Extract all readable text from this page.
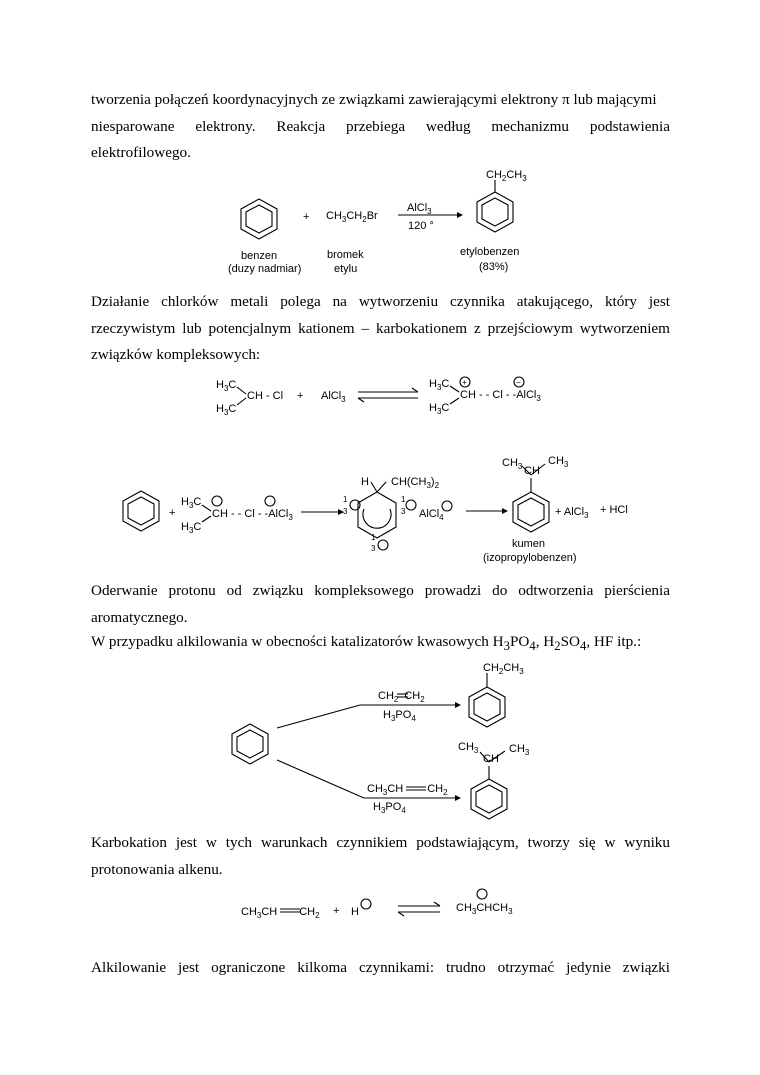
tworzenia połączeń koordynacyjnych ze związkami zawierającymi elektrony π lub mającymi
niesparowane elektrony. Reakcja przebiega według mechanizmu podstawienia
elektrofilowego.
+ $CH_3CH_2Br$
AlCl$_3$
120 °
$CH_2CH_3$
benzen
(duzy nadmiar)
bromek
etylu
etylobenzen
(83%)
Działanie chlorków metali polega na wytworzeniu czynnika atakującego, który jest
rzeczywistym lub potencjalnym kationem – karbokationem z przejściowym wytworzeniem
związków kompleksowych:
$H_3C$
$H_3C$
CH - Cl + AlCl$_3$
$H_3C$
$H_3C$
CH - - Cl - -AlCl$_3$
+	−
+
$H_3C$
$H_3C$
CH - - Cl - -AlCl$_3$
H $CH(CH_3)_2$
1
3
1
3
1
3
AlCl$_4$
$CH_3$ CH
$CH_3$
+ AlCl$_3$ + HCl
kumen
(izopropylobenzen)
Oderwanie protonu od związku kompleksowego prowadzi do odtworzenia pierścienia
aromatycznego.
W przypadku alkilowania w obecności katalizatorów kwasowych $H_3PO_4$, $H_2SO_4$, HF itp.:
$CH_2$ $CH_2$
$H_3PO_4$
$CH_2CH_3$
$CH_3CH$ $CH_2$
$H_3PO_4$
$CH_3$
CH
$CH_3$
Karbokation jest w tych warunkach czynnikiem podstawiającym, tworzy się w wyniku
protonowania alkenu.
$CH_3CH$ $CH_2 + H$	$CH_3CHCH_3$
Alkilowanie jest ograniczone kilkoma czynnikami: trudno otrzymać jedynie związki
